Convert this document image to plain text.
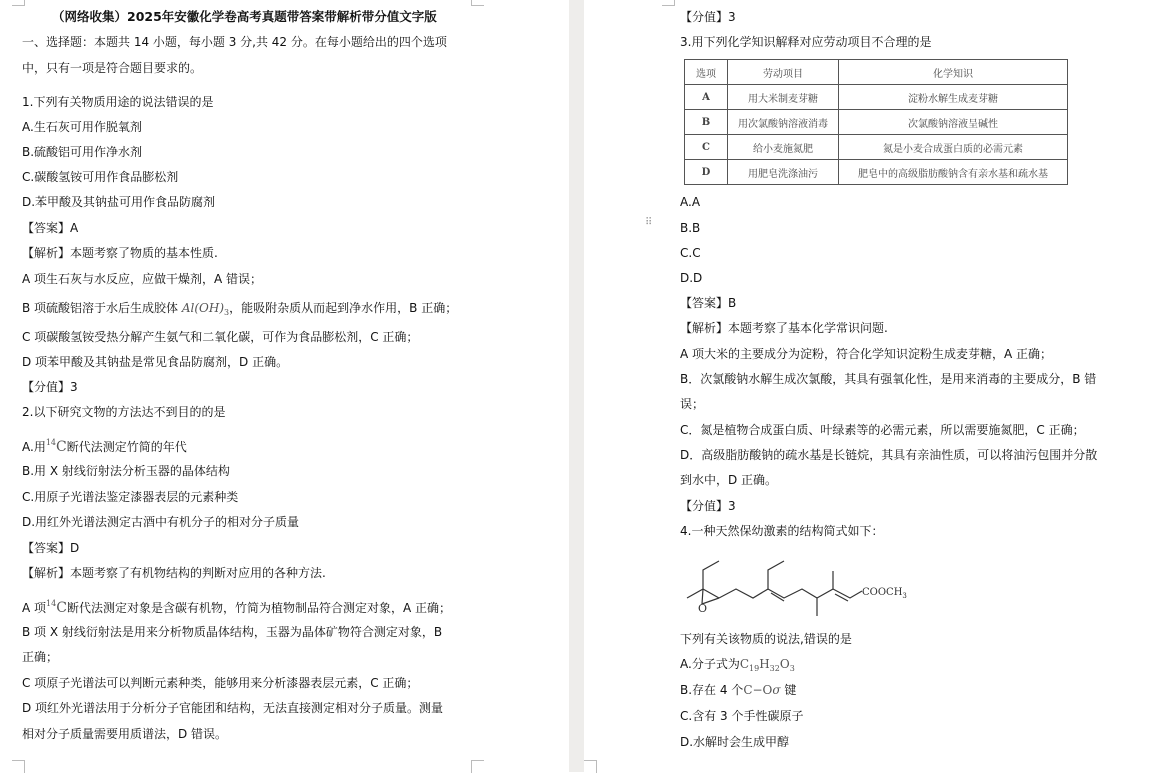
（网络收集）2025年安徽化学卷高考真题带答案带解析带分值文字版
一、选择题：本题共 14 小题，每小题 3 分,共 42 分。在每小题给出的四个选项
中，只有一项是符合题目要求的。
1.下列有关物质用途的说法错误的是
A.生石灰可用作脱氧剂
B.硫酸铝可用作净水剂
C.碳酸氢铵可用作食品膨松剂
D.苯甲酸及其钠盐可用作食品防腐剂
【答案】A
【解析】本题考察了物质的基本性质.
A 项生石灰与水反应，应做干燥剂，A 错误；
B 项硫酸铝溶于水后生成胶体 $Al(OH)_3$，能吸附杂质从而起到净水作用，B 正确；
C 项碳酸氢铵受热分解产生氨气和二氧化碳，可作为食品膨松剂，C 正确；
D 项苯甲酸及其钠盐是常见食品防腐剂，D 正确。
【分值】3
2.以下研究文物的方法达不到目的的是
A.用$^{14}$C断代法测定竹简的年代
B.用 X 射线衍射法分析玉器的晶体结构
C.用原子光谱法鉴定漆器表层的元素种类
D.用红外光谱法测定古酒中有机分子的相对分子质量
【答案】D
【解析】本题考察了有机物结构的判断对应用的各种方法.
A 项$^{14}$C断代法测定对象是含碳有机物，竹简为植物制品符合测定对象，A 正确；
B 项 X 射线衍射法是用来分析物质晶体结构，玉器为晶体矿物符合测定对象，B
正确；
C 项原子光谱法可以判断元素种类，能够用来分析漆器表层元素，C 正确；
D 项红外光谱法用于分析分子官能团和结构，无法直接测定相对分子质量。测量
相对分子质量需要用质谱法，D 错误。
⠿
【分值】3
3.用下列化学知识解释对应劳动项目不合理的是
选项	劳动项目	化学知识
A	用大米制麦芽糖	淀粉水解生成麦芽糖
B	用次氯酸钠溶液消毒	次氯酸钠溶液呈碱性
C	给小麦施氮肥	氮是小麦合成蛋白质的必需元素
D	用肥皂洗涤油污	肥皂中的高级脂肪酸钠含有亲水基和疏水基
A.A
B.B
C.C
D.D
【答案】B
【解析】本题考察了基本化学常识问题.
A 项大米的主要成分为淀粉，符合化学知识淀粉生成麦芽糖，A 正确；
B．次氯酸钠水解生成次氯酸，其具有强氧化性，是用来消毒的主要成分，B 错
误；
C．氮是植物合成蛋白质、叶绿素等的必需元素，所以需要施氮肥，C 正确；
D．高级脂肪酸钠的疏水基是长链烷，其具有亲油性质，可以将油污包围并分散
到水中，D 正确。
【分值】3
4.一种天然保幼激素的结构简式如下：
O
$COOCH_3$
下列有关该物质的说法,错误的是
A.分子式为$C_{19}H_{32}O_3$
B.存在 4 个C−Oσ 键
C.含有 3 个手性碳原子
D.水解时会生成甲醇
